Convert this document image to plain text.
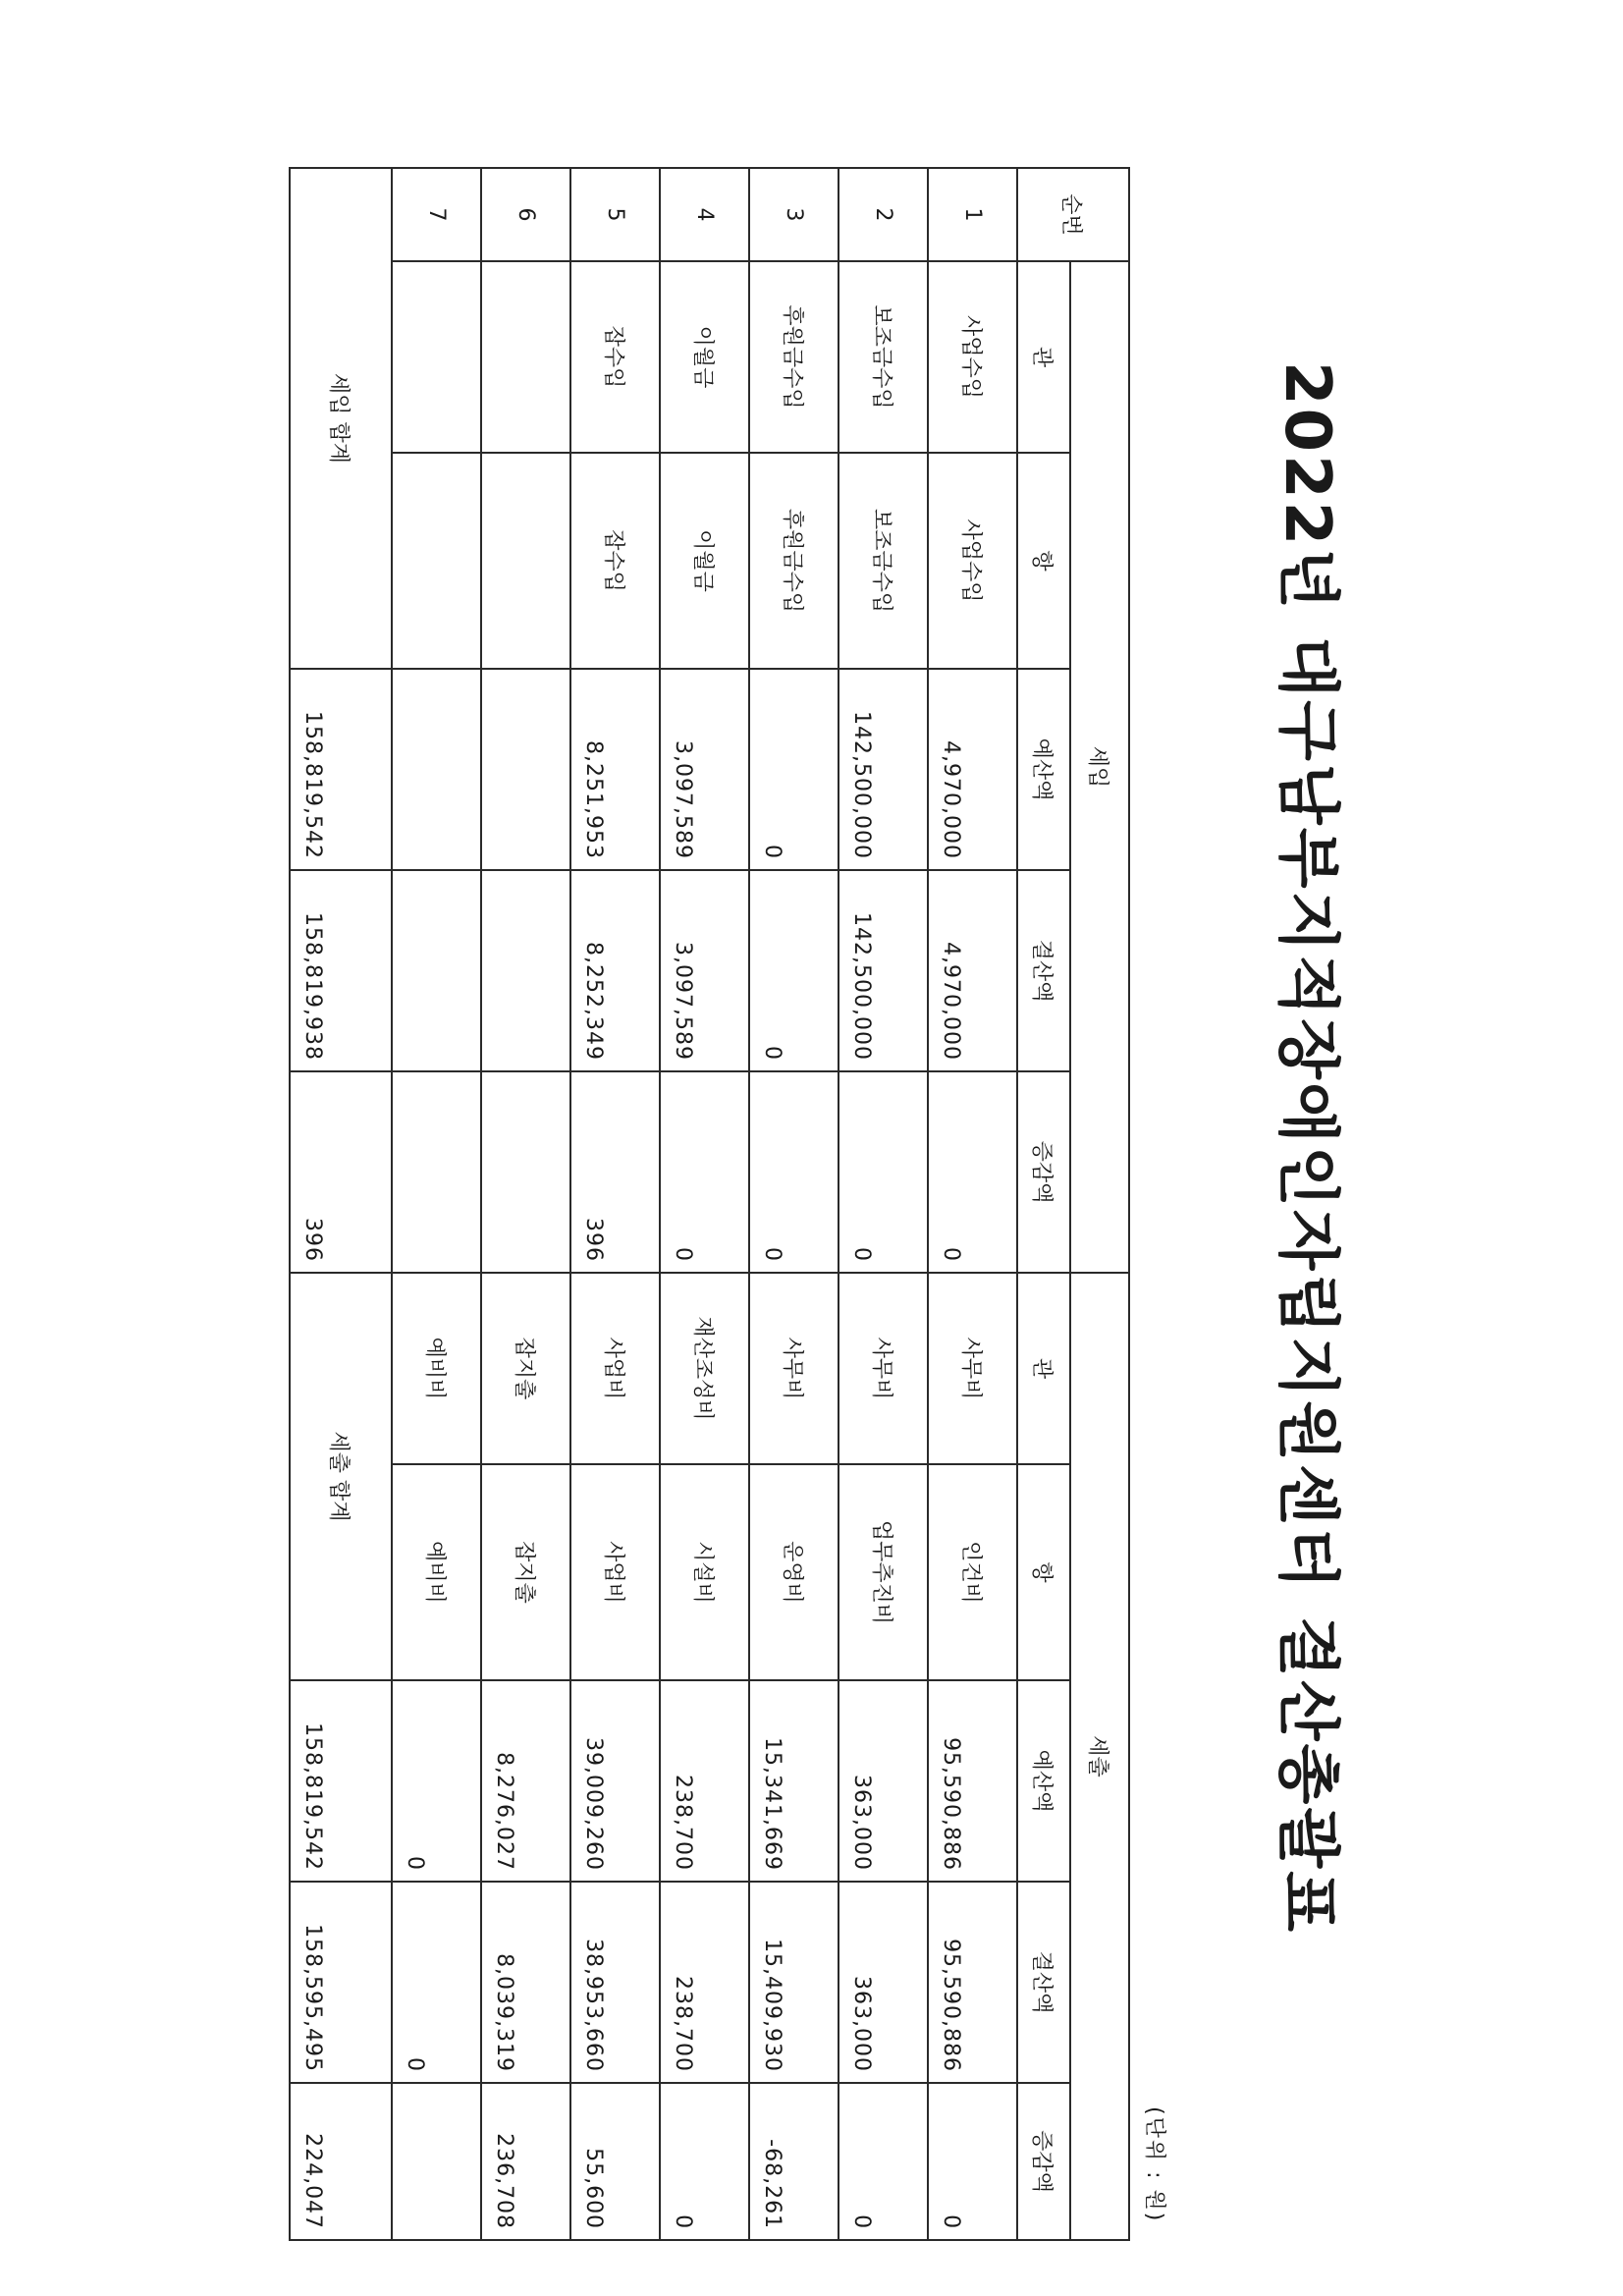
2022년 대구남부지적장애인자립지원센터 결산총괄표
(단위 : 원)
순번	세입					세출				
	관	항	예산액	결산액	증감액	관	항	예산액	결산액	증감액
1	사업수입	사업수입	4,970,000	4,970,000	0	사무비	인건비	95,590,886	95,590,886	0
2	보조금수입	보조금수입	142,500,000	142,500,000	0	사무비	업무추진비	363,000	363,000	0
3	후원금수입	후원금수입	0	0	0	사무비	운영비	15,341,669	15,409,930	-68,261
4	이월금	이월금	3,097,589	3,097,589	0	재산조성비	시설비	238,700	238,700	0
5	잡수입	잡수입	8,251,953	8,252,349	396	사업비	사업비	39,009,260	38,953,660	55,600
6						잡지출	잡지출	8,276,027	8,039,319	236,708
7						예비비	예비비	0	0	
세입 합계			158,819,542	158,819,938	396	세출 합계		158,819,542	158,595,495	224,047
